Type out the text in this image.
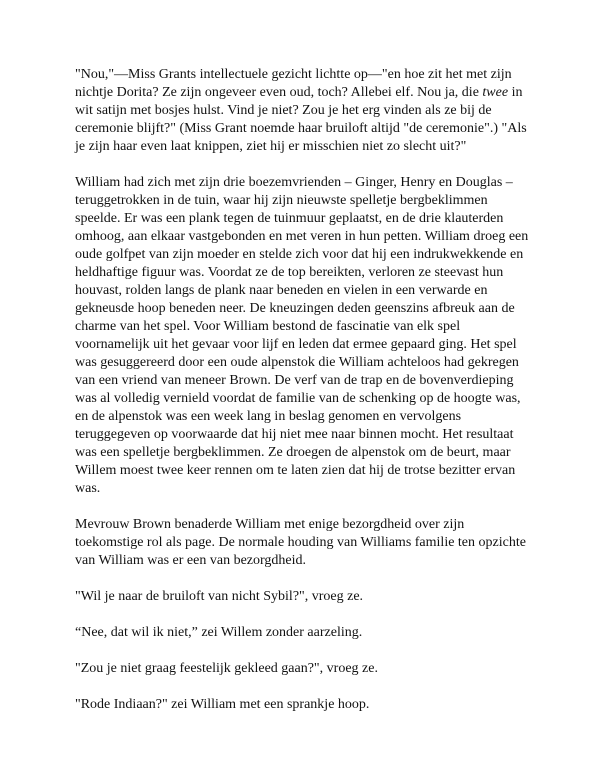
"Nou,"—Miss Grants intellectuele gezicht lichtte op—"en hoe zit het met zijn nichtje Dorita? Ze zijn ongeveer even oud, toch? Allebei elf. Nou ja, die twee in wit satijn met bosjes hulst. Vind je niet? Zou je het erg vinden als ze bij de ceremonie blijft?" (Miss Grant noemde haar bruiloft altijd "de ceremonie".) "Als je zijn haar even laat knippen, ziet hij er misschien niet zo slecht uit?"

William had zich met zijn drie boezemvrienden – Ginger, Henry en Douglas – teruggetrokken in de tuin, waar hij zijn nieuwste spelletje bergbeklimmen speelde. Er was een plank tegen de tuinmuur geplaatst, en de drie klauterden omhoog, aan elkaar vastgebonden en met veren in hun petten. William droeg een oude golfpet van zijn moeder en stelde zich voor dat hij een indrukwekkende en heldhaftige figuur was. Voordat ze de top bereikten, verloren ze steevast hun houvast, rolden langs de plank naar beneden en vielen in een verwarde en gekneusde hoop beneden neer. De kneuzingen deden geenszins afbreuk aan de charme van het spel. Voor William bestond de fascinatie van elk spel voornamelijk uit het gevaar voor lijf en leden dat ermee gepaard ging. Het spel was gesuggereerd door een oude alpenstok die William achteloos had gekregen van een vriend van meneer Brown. De verf van de trap en de bovenverdieping was al volledig vernield voordat de familie van de schenking op de hoogte was, en de alpenstok was een week lang in beslag genomen en vervolgens teruggegeven op voorwaarde dat hij niet mee naar binnen mocht. Het resultaat was een spelletje bergbeklimmen. Ze droegen de alpenstok om de beurt, maar Willem moest twee keer rennen om te laten zien dat hij de trotse bezitter ervan was.

Mevrouw Brown benaderde William met enige bezorgdheid over zijn toekomstige rol als page. De normale houding van Williams familie ten opzichte van William was er een van bezorgdheid.

"Wil je naar de bruiloft van nicht Sybil?", vroeg ze.

“Nee, dat wil ik niet,” zei Willem zonder aarzeling.

"Zou je niet graag feestelijk gekleed gaan?", vroeg ze.

"Rode Indiaan?" zei William met een sprankje hoop.
